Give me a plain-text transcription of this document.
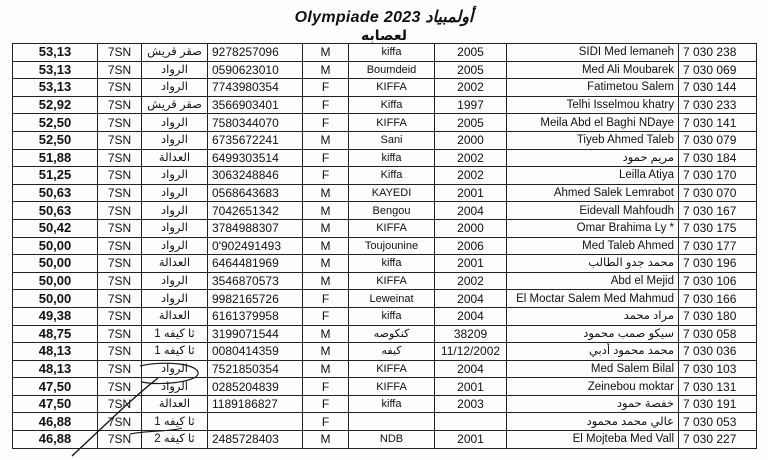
Olympiade 2023 أولمبياد
لعصابه
53,13	7SN	صقر قريش	9278257096	M	kiffa	2005	SIDI Med lemaneh	7 030 238
53,13	7SN	الرواد	0590623010	M	Boumdeid	2005	Med Ali Moubarek	7 030 069
53,13	7SN	الرواد	7743980354	F	KIFFA	2002	Fatimetou Salem	7 030 144
52,92	7SN	صقر قريش	3566903401	F	Kiffa	1997	Telhi Isselmou khatry	7 030 233
52,50	7SN	الرواد	7580344070	F	KIFFA	2005	Meila Abd el Baghi NDaye	7 030 141
52,50	7SN	الرواد	6735672241	M	Sani	2000	Tiyeb Ahmed Taleb	7 030 079
51,88	7SN	العدالة	6499303514	F	kiffa	2002	مريم حمود	7 030 184
51,25	7SN	الرواد	3063248846	F	Kiffa	2002	Leilla Atiya	7 030 170
50,63	7SN	الرواد	0568643683	M	KAYEDI	2001	Ahmed Salek Lemrabot	7 030 070
50,63	7SN	الرواد	7042651342	M	Bengou	2004	Eidevall Mahfoudh	7 030 167
50,42	7SN	الرواد	3784988307	M	KIFFA	2000	Omar Brahima Ly *	7 030 175
50,00	7SN	الرواد	0'902491493	M	Toujounine	2006	Med Taleb Ahmed	7 030 177
50,00	7SN	العدالة	6464481969	M	kiffa	2001	محمد جدو الطالب	7 030 196
50,00	7SN	الرواد	3546870573	M	KIFFA	2002	Abd el Mejid	7 030 106
50,00	7SN	الرواد	9982165726	F	Leweinat	2004	El Moctar Salem Med Mahmud	7 030 166
49,38	7SN	العدالة	6161379958	F	kiffa	2004	مراد محمد	7 030 180
48,75	7SN	ثا كيفه 1	3199071544	M	كنكوصه	38209	سيكو صمب محمود	7 030 058
48,13	7SN	ثا كيفه 1	0080414359	M	كيفه	11/12/2002	محمد محمود أدبي	7 030 036
48,13	7SN	الرواد	7521850354	M	KIFFA	2004	Med Salem Bilal	7 030 103
47,50	7SN	الرواد	0285204839	F	KIFFA	2001	Zeinebou moktar	7 030 131
47,50	7SN	العدالة	1189186827	F	kiffa	2003	خفصة حمود	7 030 191
46,88	7SN	ثا كيفه 1		F			عالي محمد محمود	7 030 053
46,88	7SN	ثا كيفه 2	2485728403	M	NDB	2001	El Mojteba Med Vall	7 030 227
